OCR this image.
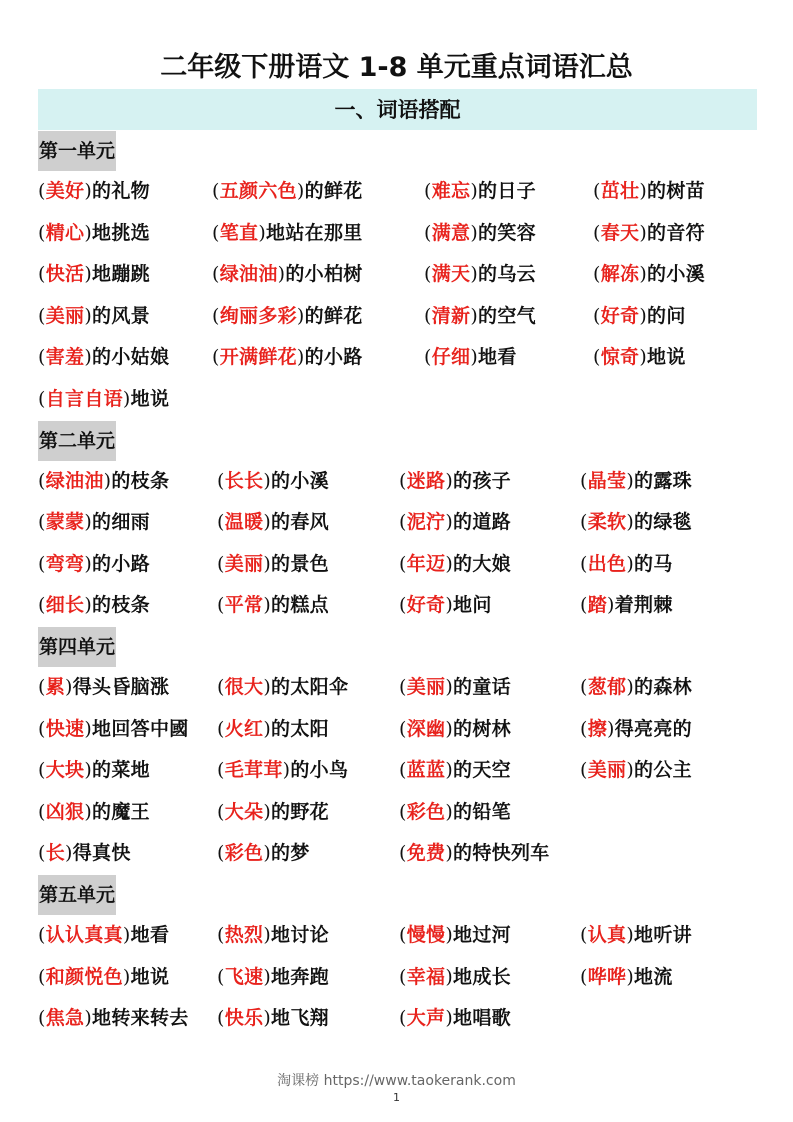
二年级下册语文 1-8 单元重点词语汇总
一、词语搭配
第一单元
(美好)的礼物	(五颜六色)的鲜花	(难忘)的日子	(茁壮)的树苗
(精心)地挑选	(笔直)地站在那里	(满意)的笑容	(春天)的音符
(快活)地蹦跳	(绿油油)的小柏树	(满天)的乌云	(解冻)的小溪
(美丽)的风景	(绚丽多彩)的鲜花	(清新)的空气	(好奇)的问
(害羞)的小姑娘 (开满鲜花)的小路	(仔细)地看	(惊奇)地说
(自言自语)地说
第二单元
(绿油油)的枝条	(长长)的小溪	(迷路)的孩子	(晶莹)的露珠
(蒙蒙)的细雨	(温暖)的春风	(泥泞)的道路	(柔软)的绿毯
(弯弯)的小路	(美丽)的景色	(年迈)的大娘	(出色)的马
(细长)的枝条	(平常)的糕点	(好奇)地问	(踏)着荆棘
第四单元
(累)得头昏脑涨	(很大)的太阳伞	(美丽)的童话	(葱郁)的森林
(快速)地回答中國 (火红)的太阳	(深幽)的树林	(擦)得亮亮的
(大块)的菜地	(毛茸茸)的小鸟	(蓝蓝)的天空	(美丽)的公主
(凶狠)的魔王	(大朵)的野花	(彩色)的铅笔
(长)得真快	(彩色)的梦	(免费)的特快列车
第五单元
(认认真真)地看	(热烈)地讨论	(慢慢)地过河	(认真)地听讲
(和颜悦色)地说	(飞速)地奔跑	(幸福)地成长	(哗哗)地流
(焦急)地转来转去 (快乐)地飞翔	(大声)地唱歌
淘课榜 https://www.taokerank.com
1
